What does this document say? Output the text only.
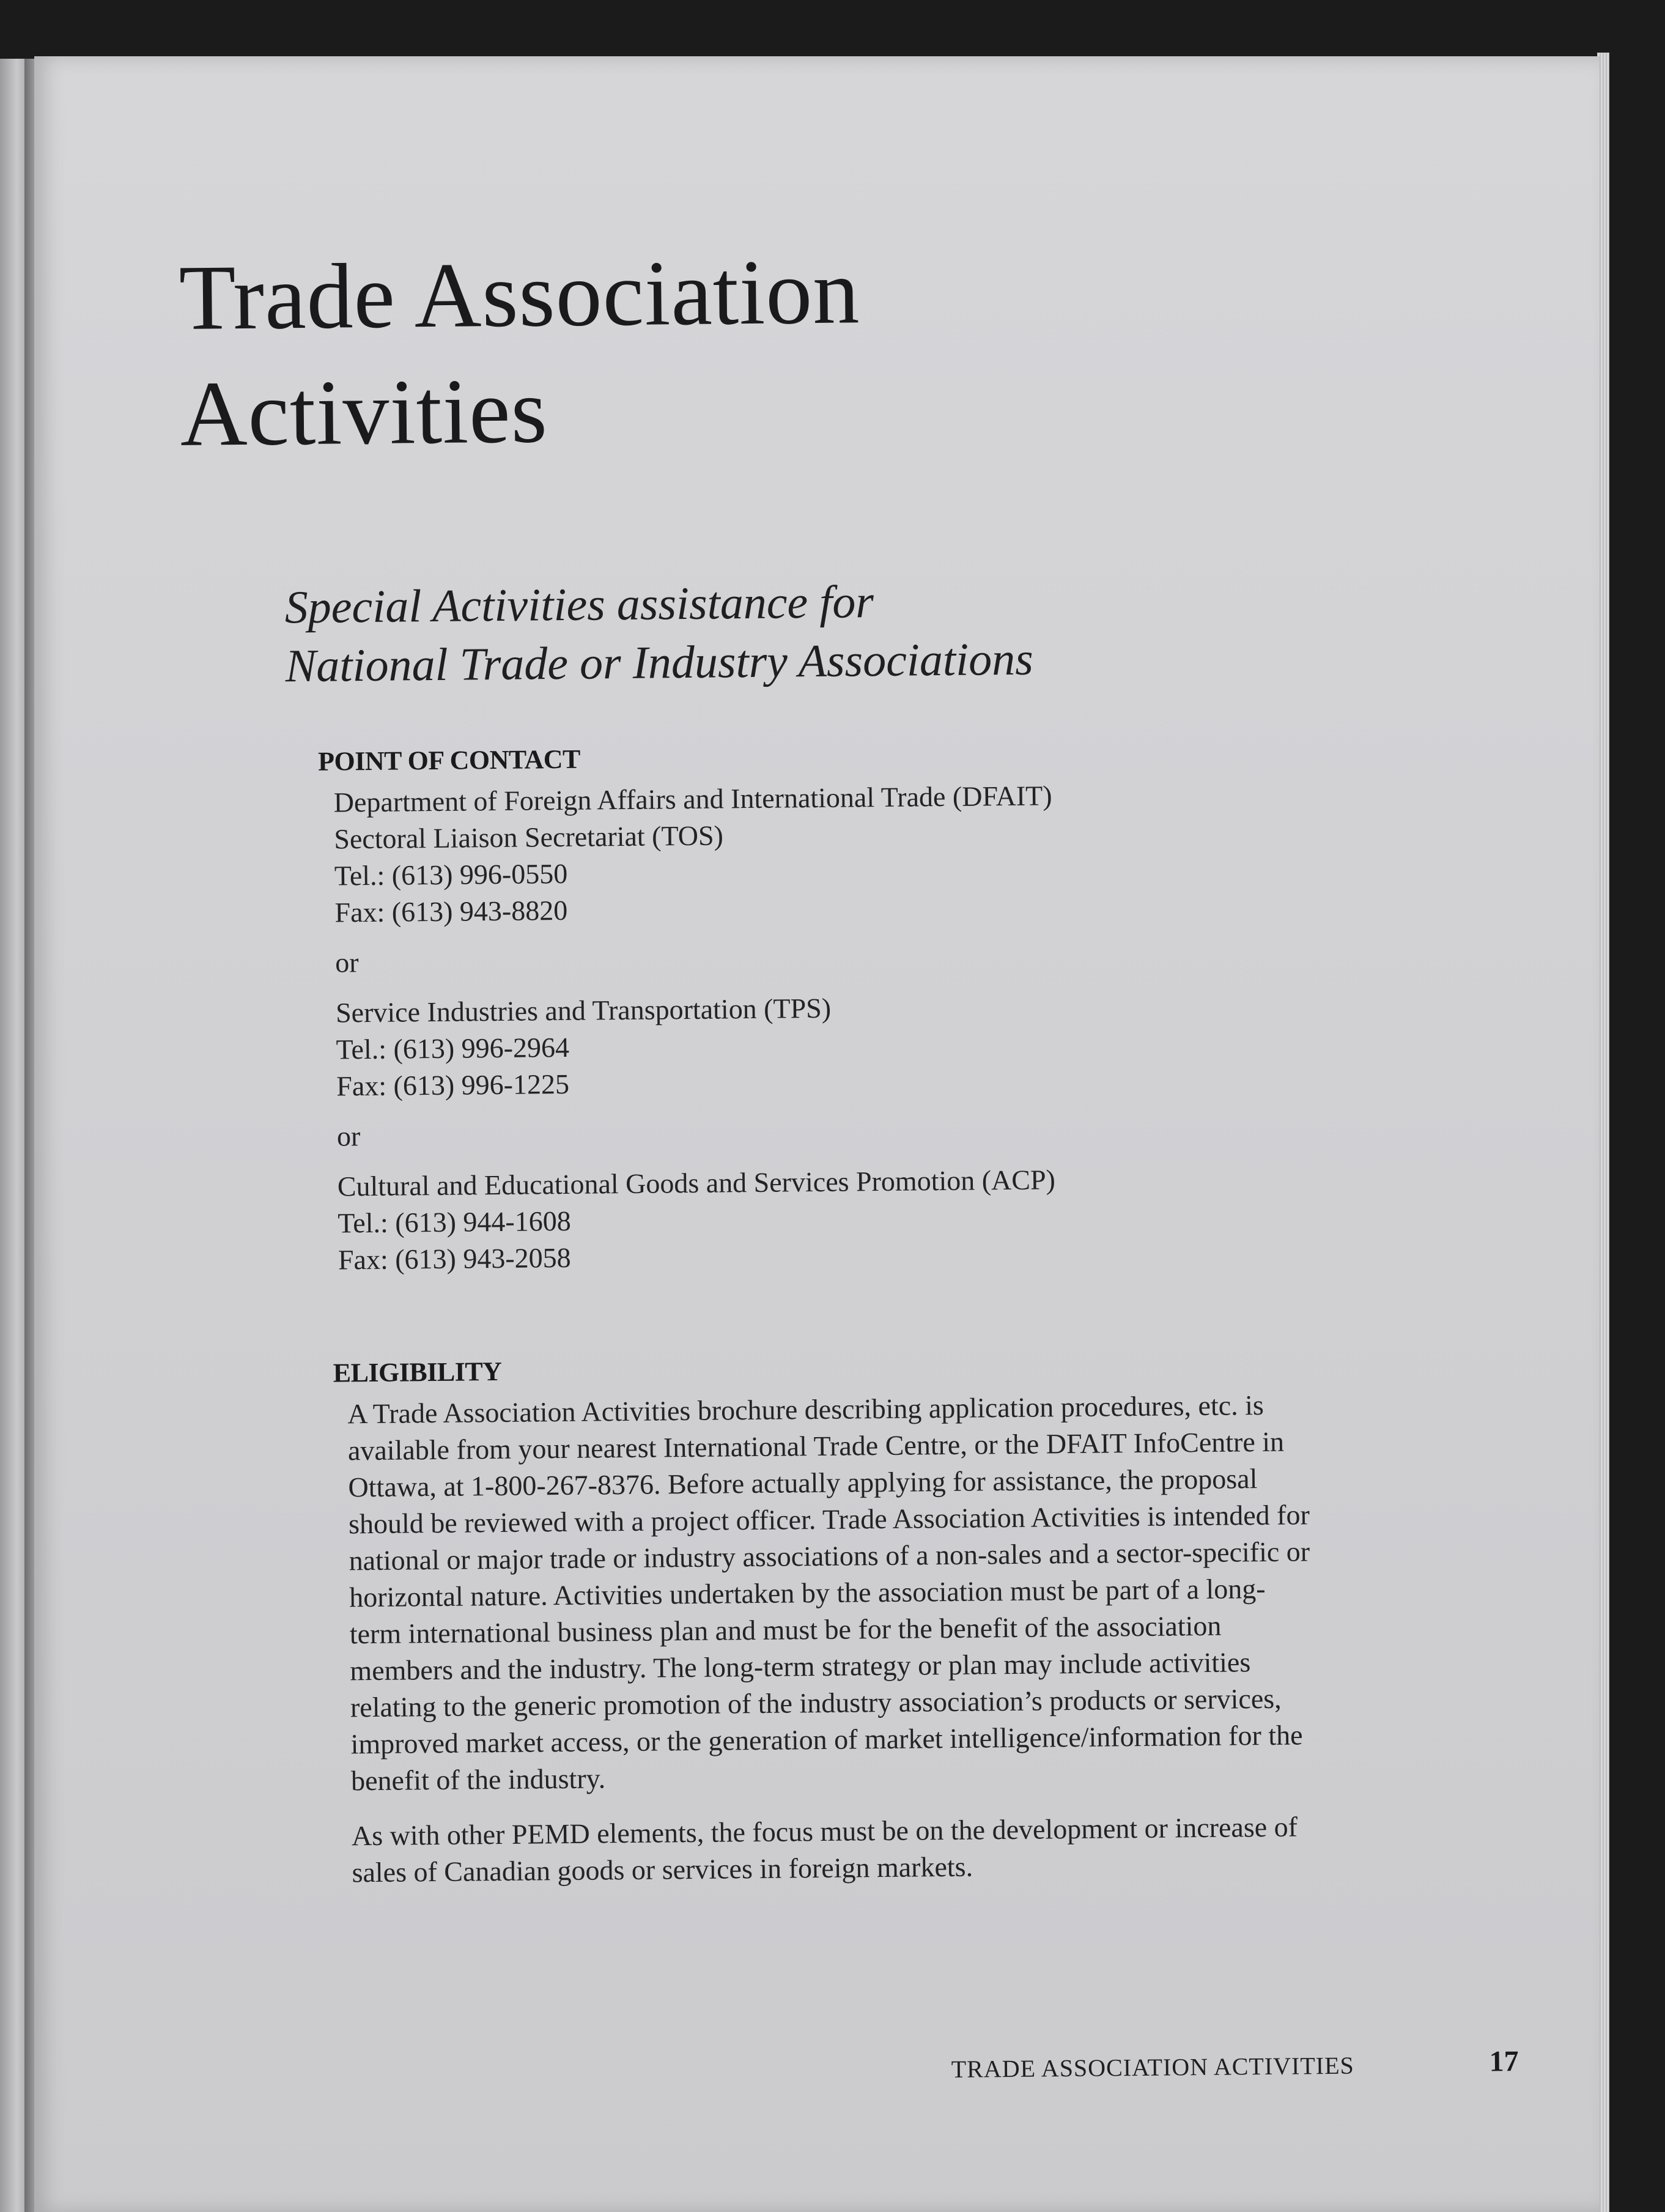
Trade Association
Activities
Special Activities assistance for
National Trade or Industry Associations
POINT OF CONTACT
Department of Foreign Affairs and International Trade (DFAIT)
Sectoral Liaison Secretariat (TOS)
Tel.: (613) 996-0550
Fax: (613) 943-8820
or
Service Industries and Transportation (TPS)
Tel.: (613) 996-2964
Fax: (613) 996-1225
or
Cultural and Educational Goods and Services Promotion (ACP)
Tel.: (613) 944-1608
Fax: (613) 943-2058
ELIGIBILITY

A Trade Association Activities brochure describing application procedures, etc. is available from your nearest International Trade Centre, or the DFAIT InfoCentre in Ottawa, at 1-800-267-8376. Before actually applying for assistance, the proposal should be reviewed with a project officer. Trade Association Activities is intended for national or major trade or industry associations of a non-sales and a sector-specific or horizontal nature. Activities undertaken by the association must be part of a long-term international business plan and must be for the benefit of the association members and the industry. The long-term strategy or plan may include activities relating to the generic promotion of the industry association’s products or services, improved market access, or the generation of market intelligence/information for the benefit of the industry.

As with other PEMD elements, the focus must be on the development or increase of sales of Canadian goods or services in foreign markets.

TRADE ASSOCIATION ACTIVITIES	17
